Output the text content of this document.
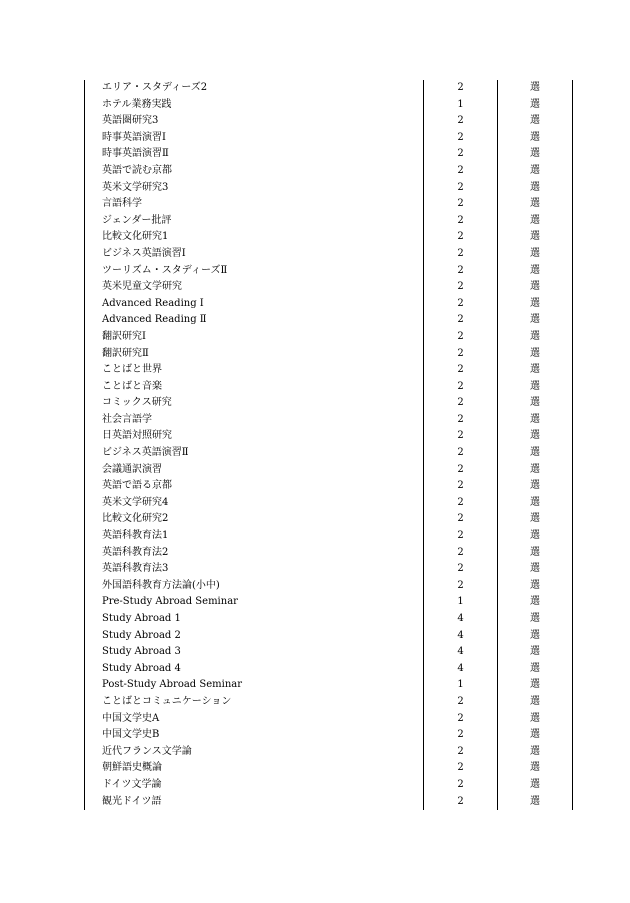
エリア・スタディーズ2	2	選
ホテル業務実践	1	選
英語圏研究3	2	選
時事英語演習Ⅰ	2	選
時事英語演習Ⅱ	2	選
英語で読む京都	2	選
英米文学研究3	2	選
言語科学	2	選
ジェンダー批評	2	選
比較文化研究1	2	選
ビジネス英語演習Ⅰ	2	選
ツーリズム・スタディーズⅡ	2	選
英米児童文学研究	2	選
Advanced Reading Ⅰ	2	選
Advanced Reading Ⅱ	2	選
翻訳研究Ⅰ	2	選
翻訳研究Ⅱ	2	選
ことばと世界	2	選
ことばと音楽	2	選
コミックス研究	2	選
社会言語学	2	選
日英語対照研究	2	選
ビジネス英語演習Ⅱ	2	選
会議通訳演習	2	選
英語で語る京都	2	選
英米文学研究4	2	選
比較文化研究2	2	選
英語科教育法1	2	選
英語科教育法2	2	選
英語科教育法3	2	選
外国語科教育方法論(小中)	2	選
Pre-Study Abroad Seminar	1	選
Study Abroad 1	4	選
Study Abroad 2	4	選
Study Abroad 3	4	選
Study Abroad 4	4	選
Post-Study Abroad Seminar	1	選
ことばとコミュニケーション	2	選
中国文学史A	2	選
中国文学史B	2	選
近代フランス文学論	2	選
朝鮮語史概論	2	選
ドイツ文学論	2	選
観光ドイツ語	2	選
